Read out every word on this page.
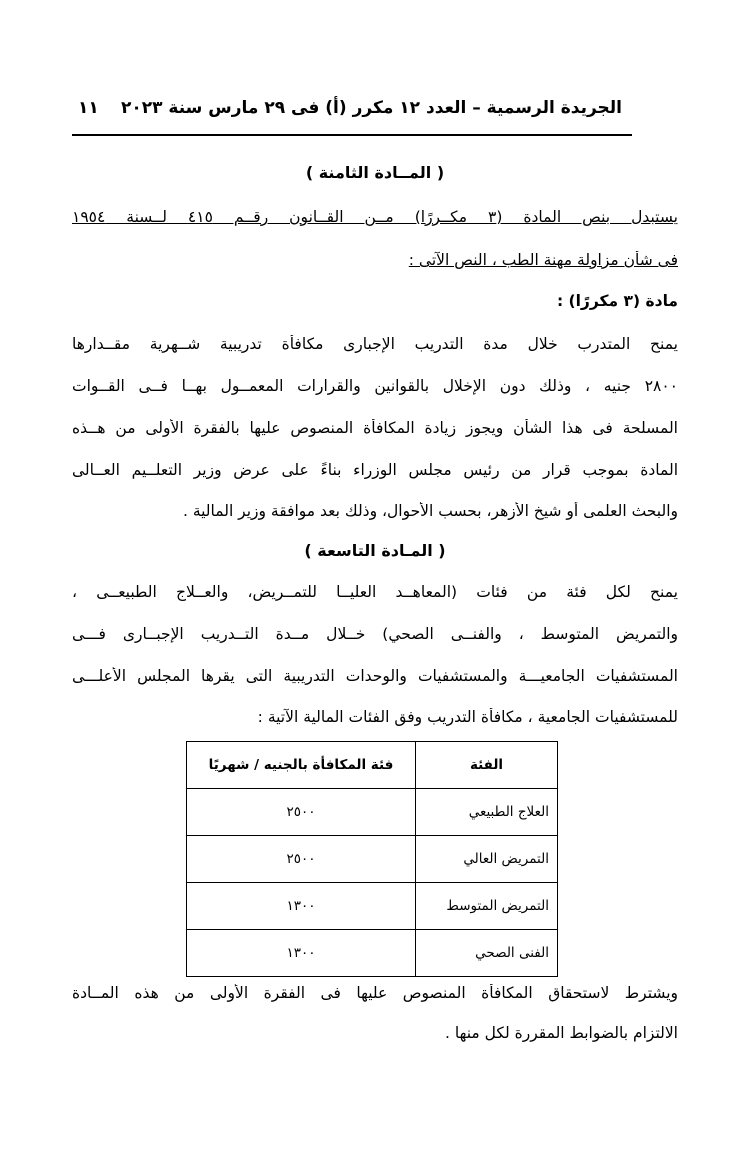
الجريدة الرسمية – العدد ١٢ مكرر (أ) فى ٢٩ مارس سنة ٢٠٢٣
١١
( المــادة الثامنة )
يستبدل بنص المادة (٣ مكــررًا) مــن القــانون رقــم ٤١٥ لــسنة ١٩٥٤
فى شأن مزاولة مهنة الطب ، النص الآتى :
مادة (٣ مكررًا) :
يمنح المتدرب خلال مدة التدريب الإجبارى مكافأة تدريبية شــهرية مقــدارها
٢٨٠٠ جنيه ، وذلك دون الإخلال بالقوانين والقرارات المعمــول بهــا فــى القــوات
المسلحة فى هذا الشأن ويجوز زيادة المكافأة المنصوص عليها بالفقرة الأولى من هــذه
المادة بموجب قرار من رئيس مجلس الوزراء بناءً على عرض وزير التعلــيم العــالى
والبحث العلمى أو شيخ الأزهر، بحسب الأحوال، وذلك بعد موافقة وزير المالية .
( المـادة التاسعة )
يمنح لكل فئة من فئات (المعاهــد العليــا للتمــريض، والعــلاج الطبيعــى ،
والتمريض المتوسط ، والفنــى الصحي) خــلال مــدة التــدريب الإجبــارى فـــى
المستشفيات الجامعيـــة والمستشفيات والوحدات التدريبية التى يقرها المجلس الأعلـــى
للمستشفيات الجامعية ، مكافأة التدريب وفق الفئات المالية الآتية :
الفئة	فئة المكافأة بالجنيه / شهريًا
العلاج الطبيعي	٢٥٠٠
التمريض العالي	٢٥٠٠
التمريض المتوسط	١٣٠٠
الفنى الصحي	١٣٠٠
ويشترط لاستحقاق المكافأة المنصوص عليها فى الفقرة الأولى من هذه المــادة
الالتزام بالضوابط المقررة لكل منها .
